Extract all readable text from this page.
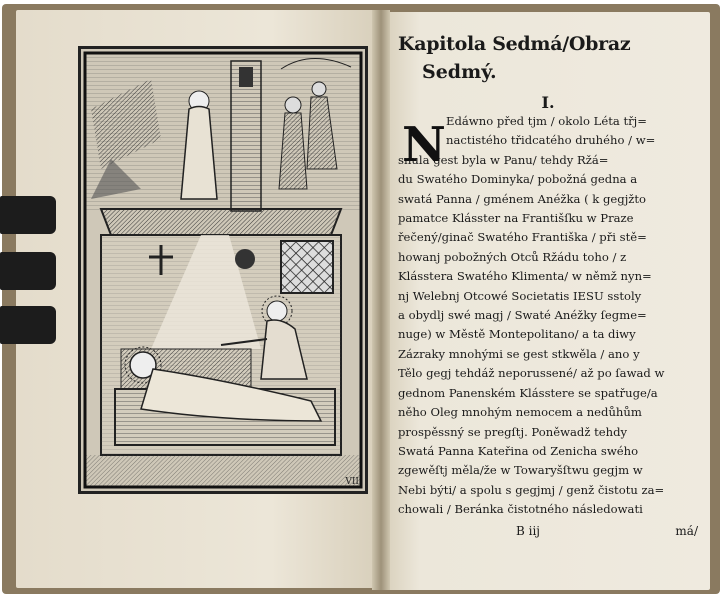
VII
Kapitola Sedmá/Obraz
Sedmý.
I.
N Edáwno před tjm / okolo Léta třj=
nactistého třidcatého druhého / w=
snula gest byla w Panu/ tehdy Ržá=
du Swatého Dominyka/ pobožná gedna a
swatá Panna / gménem Anéžka ( k gegjžto
pamatce Klásster na Františſku w Praze
řečený/ginač Swatého Františka / při stě=
howanj pobožných Otců Ržádu toho / z
Klásstera Swatého Klimenta/ w němž nyn=
nj Welebnj Otcowé Societatis IESU sstoly
a obydlj swé magj / Swaté Anéžky ſegme=
nuge) w Městě Montepolitano/ a ta diwy
Zázraky mnohými se gest stkwěla / ano y
Tělo gegj tehdáž neporussené/ až po ſawad w
gednom Panenském Klásstere se spatřuge/a
něho Oleg mnohým nemocem a nedůhům
prospěssný se pregſtj. Poněwadž tehdy
Swatá Panna Kateřina od Zenicha swého
zgewěſtj měla/že w Towaryšſtwu gegjm w
Nebi býti/ a spolu s gegjmj / genž čistotu za=
chowali / Beránka čistotného následowati
B iij	má/
